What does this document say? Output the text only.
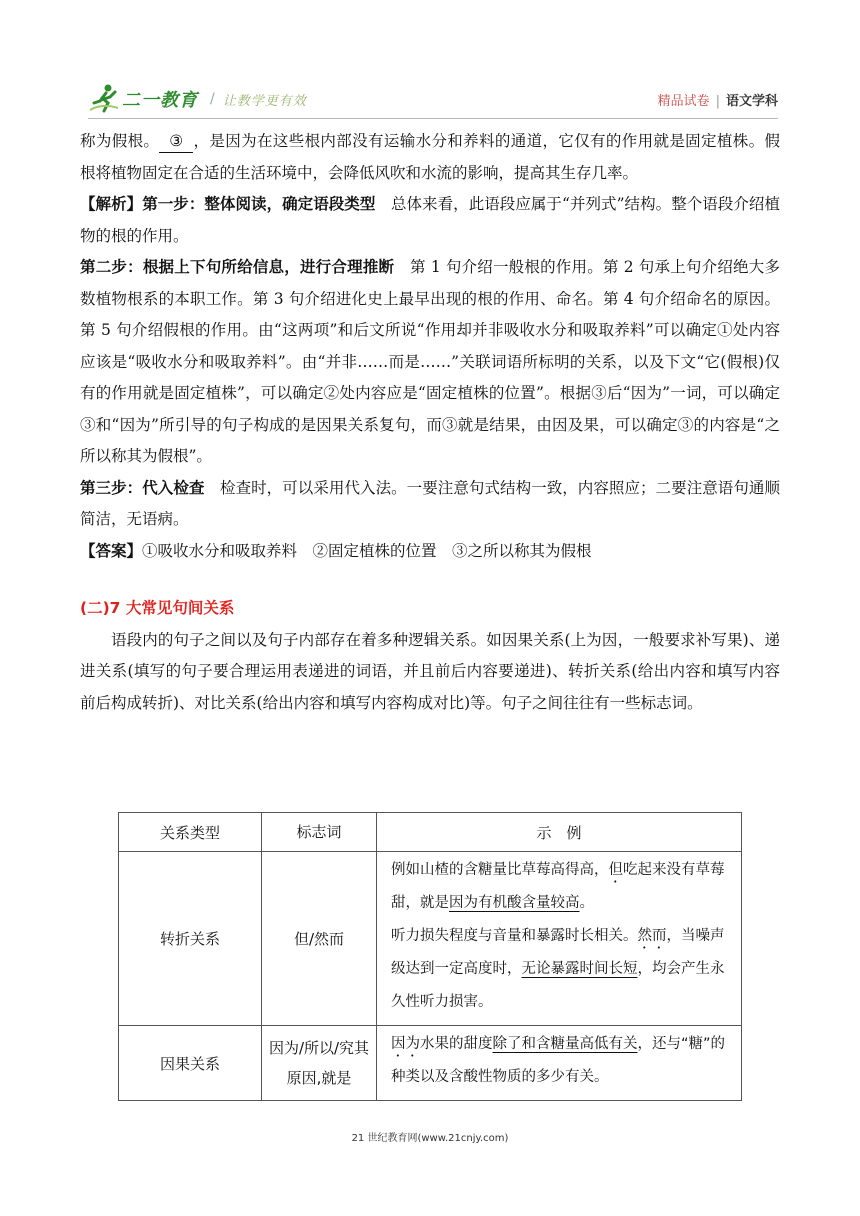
二一教育 / 让教学更有效	精品试卷 | 语文学科

称为假根。 ③ ，是因为在这些根内部没有运输水分和养料的通道，它仅有的作用就是固定植株。假根将植物固定在合适的生活环境中，会降低风吹和水流的影响，提高其生存几率。

【解析】第一步：整体阅读，确定语段类型　总体来看，此语段应属于“并列式”结构。整个语段介绍植物的根的作用。

第二步：根据上下句所给信息，进行合理推断　第 1 句介绍一般根的作用。第 2 句承上句介绍绝大多数植物根系的本职工作。第 3 句介绍进化史上最早出现的根的作用、命名。第 4 句介绍命名的原因。第 5 句介绍假根的作用。由“这两项”和后文所说“作用却并非吸收水分和吸取养料”可以确定①处内容应该是“吸收水分和吸取养料”。由“并非……而是……”关联词语所标明的关系，以及下文“它(假根)仅有的作用就是固定植株”，可以确定②处内容应是“固定植株的位置”。根据③后“因为”一词，可以确定③和“因为”所引导的句子构成的是因果关系复句，而③就是结果，由因及果，可以确定③的内容是“之所以称其为假根”。

第三步：代入检查　检查时，可以采用代入法。一要注意句式结构一致，内容照应；二要注意语句通顺简洁，无语病。

【答案】①吸收水分和吸取养料　②固定植株的位置　③之所以称其为假根

(二)7 大常见句间关系

语段内的句子之间以及句子内部存在着多种逻辑关系。如因果关系(上为因，一般要求补写果)、递进关系(填写的句子要合理运用表递进的词语，并且前后内容要递进)、转折关系(给出内容和填写内容前后构成转折)、对比关系(给出内容和填写内容构成对比)等。句子之间往往有一些标志词。

关系类型	标志词	示　例
转折关系	但/然而	例如山楂的含糖量比草莓高得高，但吃起来没有草莓甜，就是因为有机酸含量较高。
听力损失程度与音量和暴露时长相关。然而，当噪声级达到一定高度时，无论暴露时间长短，均会产生永久性听力损害。

因果关系	因为/所以/究其原因,就是	因为水果的甜度除了和含糖量高低有关，还与“糖”的种类以及含酸性物质的多少有关。
21 世纪教育网(www.21cnjy.com)
